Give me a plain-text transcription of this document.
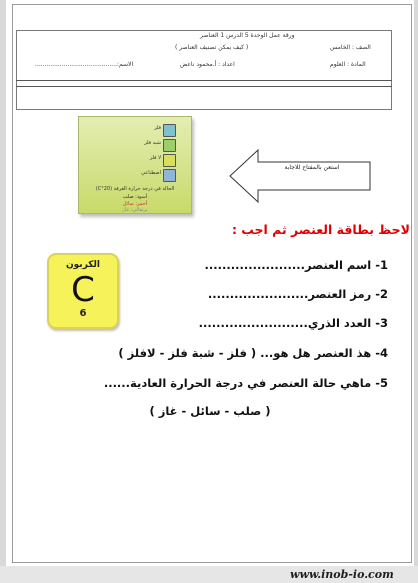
ورقة عمل الوحدة 5 الدرس 1 العناصر
الصف : الخامس
( كيف يمكن تصنيف العناصر )
المادة : العلوم
اعداد : أ.محمود ناعض
الاسم:...........................................
فلز
شبه فلز
لا فلز
اصطناعي
الحالة في درجة حرارة الغرفة (20°C)
أسود: صلب
أحمر: سائل
برتقالي: غاز
استعن بالمفتاح للاجابة
لاحظ بطاقة العنصر ثم اجب :
الكربون
C
6
1- اسم العنصر.......................
2- رمز العنصر.......................
3- العدد الذري.........................
4- هذ العنصر هل هو... ( فلز - شبة فلز - لافلز )
5- ماهي حالة العنصر في درجة الحرارة العادية......
( صلب - سائل - غاز )
www.inob-io.com
